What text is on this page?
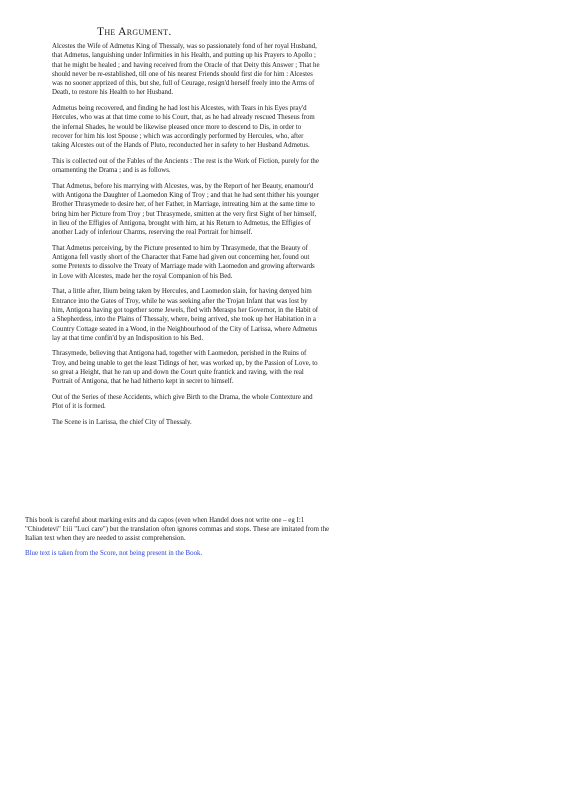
The Argument.

Alcestes the Wife of Admetus King of Thessaly, was so passionately fond of her royal Husband, that Admetus, languishing under Infirmities in his Health, and putting up his Prayers to Apollo ; that he might be healed ; and having received from the Oracle of that Deity this Answer ; That he should never be re-established, till one of his nearest Friends should first die for him : Alcestes was no sooner apprized of this, but she, full of Ceurage, resign'd herself freely into the Arms of Death, to restore his Health to her Husband.

Admetus being recovered, and finding he had lost his Alcestes, with Tears in his Eyes pray'd Hercules, who was at that time come to his Court, that, as he had already rescued Theseus from the infernal Shades, he would be likewise pleased once more to descend to Dis, in order to recover for him his lost Spouse ; which was accordingly performed by Hercules, who, after taking Alcestes out of the Hands of Pluto, reconducted her in safety to her Husband Admetus.

This is collected out of the Fables of the Ancients : The rest is the Work of Fiction, purely for the ornamenting the Drama ; and is as follows.

That Admetus, before his marrying with Alcestes, was, by the Report of her Beauty, enamour'd with Antigona the Daughter of Laomedon King of Troy ; and that he had sent thither his younger Brother Thrasymede to desire her, of her Father, in Marriage, intreating him at the same time to bring him her Picture from Troy ; but Thrasymede, smitten at the very first Sight of her himself, in lieu of the Effigies of Antigona, brought with him, at his Return to Admetus, the Effigies of another Lady of inferiour Charms, reserving the real Portrait for himself.

That Admetus perceiving, by the Picture presented to him by Thrasymede, that the Beauty of Antigona fell vastly short of the Character that Fame had given out concerning her, found out some Pretexts to dissolve the Treaty of Marriage made with Laomedon and growing afterwards in Love with Alcestes, made her the royal Companion of his Bed.

That, a little after, Ilium being taken by Hercules, and Laomedon slain, for having denyed him Entrance into the Gates of Troy, while he was seeking after the Trojan Infant that was lost by him, Antigona having got together some Jewels, fled with Merasps her Governor, in the Habit of a Shepherdess, into the Plains of Thessaly, where, being arrived, she took up her Habitation in a Country Cottage seated in a Wood, in the Neighbourhood of the City of Larissa, where Admetus lay at that time confin'd by an Indisposition to his Bed.

Thrasymede, believing that Antigona had, together with Laomedon, perished in the Ruins of Troy, and being unable to get the least Tidings of her, was worked up, by the Passion of Love, to so great a Height, that he ran up and down the Court quite frantick and raving, with the real Portrait of Antigona, that he had hitherto kept in secret to himself.

Out of the Series of these Accidents, which give Birth to the Drama, the whole Contexture and Plot of it is formed.

The Scene is in Larissa, the chief City of Thessaly.

This book is careful about marking exits and da capos (even when Handel does not write one – eg I:1 "Chiudetevi" I:iii "Luci care") but the translation often ignores commas and stops. These are imitated from the Italian text when they are needed to assist comprehension.

Blue text is taken from the Score, not being present in the Book.
